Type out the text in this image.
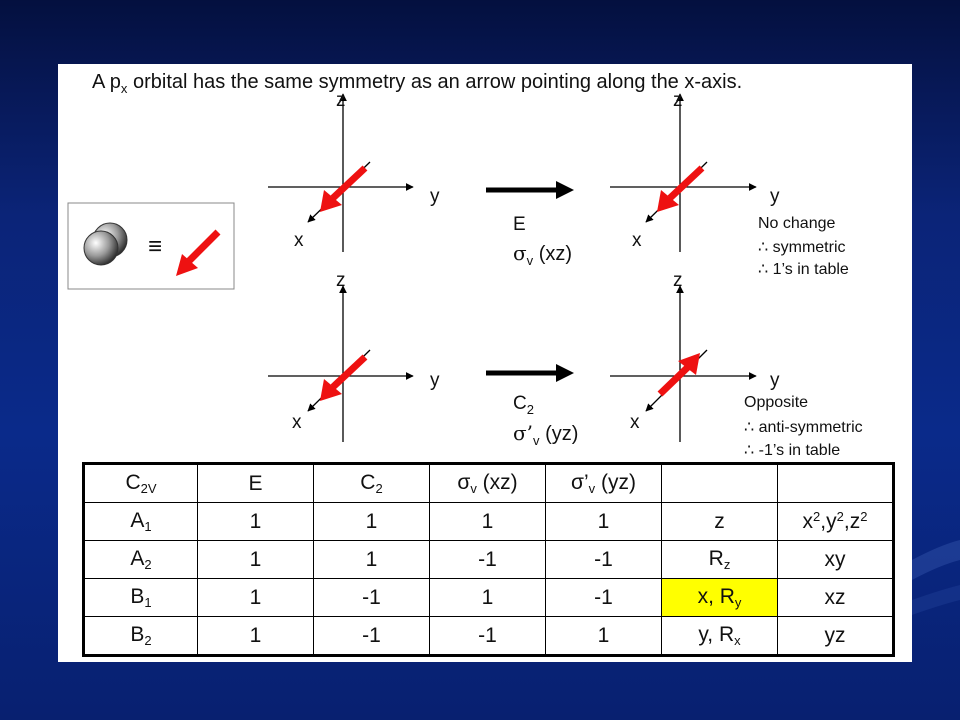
A $p_x$ orbital has the same symmetry as an arrow pointing along the x-axis.
≡
z
y
x
z
y
x
z
y
x
z
y
x
E
$\sigma_v$ (xz)
$C_2$
$\sigma’_v$ (yz)
No change
∴ symmetric
∴ 1’s in table
Opposite
∴ anti-symmetric
∴ -1’s in table
$C_{2V}$	E	$C_2$	$\sigma_v$ (xz)	$\sigma’_v$ (yz)		
$A_1$	1	1	1	1	z	$x^2,y^2,z^2$
$A_2$	1	1	-1	-1	$R_z$	xy
$B_1$	1	-1	1	-1	x, $R_y$	xz
$B_2$	1	-1	-1	1	y, $R_x$	yz
